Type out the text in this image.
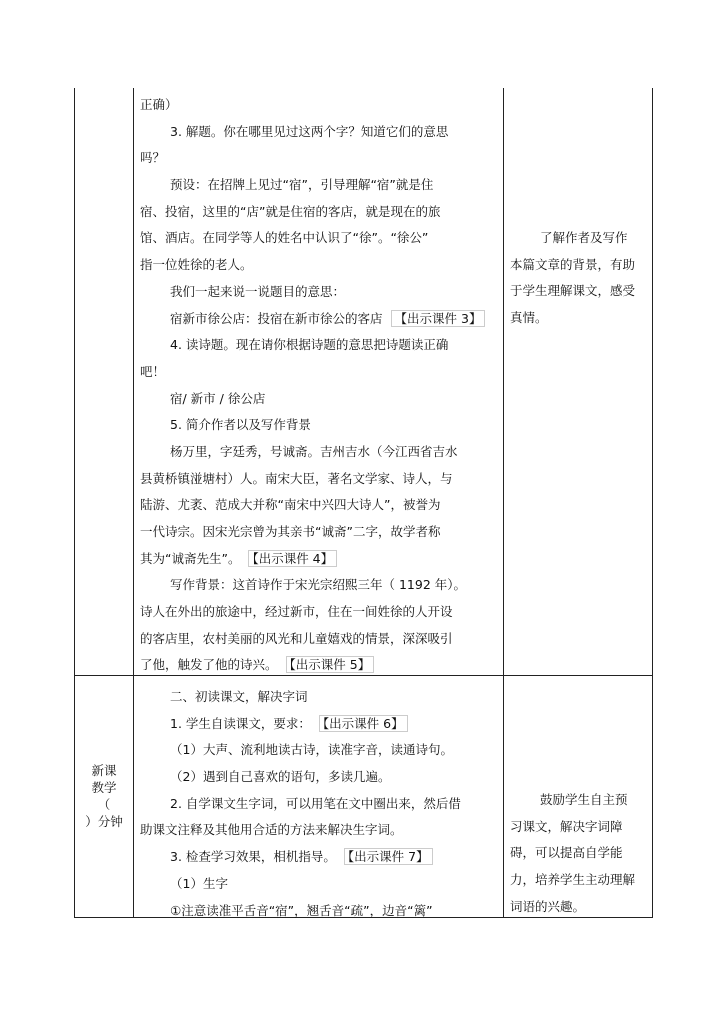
正确）
3. 解题。你在哪里见过这两个字？知道它们的意思
吗？
预设：在招牌上见过“宿”，引导理解“宿”就是住
宿、投宿，这里的“店”就是住宿的客店，就是现在的旅
馆、酒店。在同学等人的姓名中认识了“徐”。“徐公”
指一位姓徐的老人。
我们一起来说一说题目的意思：
宿新市徐公店：投宿在新市徐公的客店 【出示课件 3】
4. 读诗题。现在请你根据诗题的意思把诗题读正确
吧！
宿/ 新市 / 徐公店
5. 简介作者以及写作背景
杨万里，字廷秀，号诚斋。吉州吉水（今江西省吉水
县黄桥镇湴塘村）人。南宋大臣，著名文学家、诗人，与
陆游、尤袤、范成大并称“南宋中兴四大诗人”，被誉为
一代诗宗。因宋光宗曾为其亲书“诚斋”二字，故学者称
其为“诚斋先生”。 【出示课件 4】
写作背景：这首诗作于宋光宗绍熙三年（ 1192 年）。
诗人在外出的旅途中，经过新市，住在一间姓徐的人开设
的客店里，农村美丽的风光和儿童嬉戏的情景，深深吸引
了他，触发了他的诗兴。 【出示课件 5】
了解作者及写作
本篇文章的背景，有助
于学生理解课文，感受
真情。
新课
教学
（
）分钟
二、初读课文，解决字词
1. 学生自读课文，要求： 【出示课件 6】
（1）大声、流利地读古诗，读准字音，读通诗句。
（2）遇到自己喜欢的语句，多读几遍。
2. 自学课文生字词，可以用笔在文中圈出来，然后借
助课文注释及其他用合适的方法来解决生字词。
3. 检查学习效果，相机指导。 【出示课件 7】
（1）生字
①注意读准平舌音“宿”，翘舌音“疏”，边音“篱”
鼓励学生自主预
习课文，解决字词障
碍，可以提高自学能
力，培养学生主动理解
词语的兴趣。
